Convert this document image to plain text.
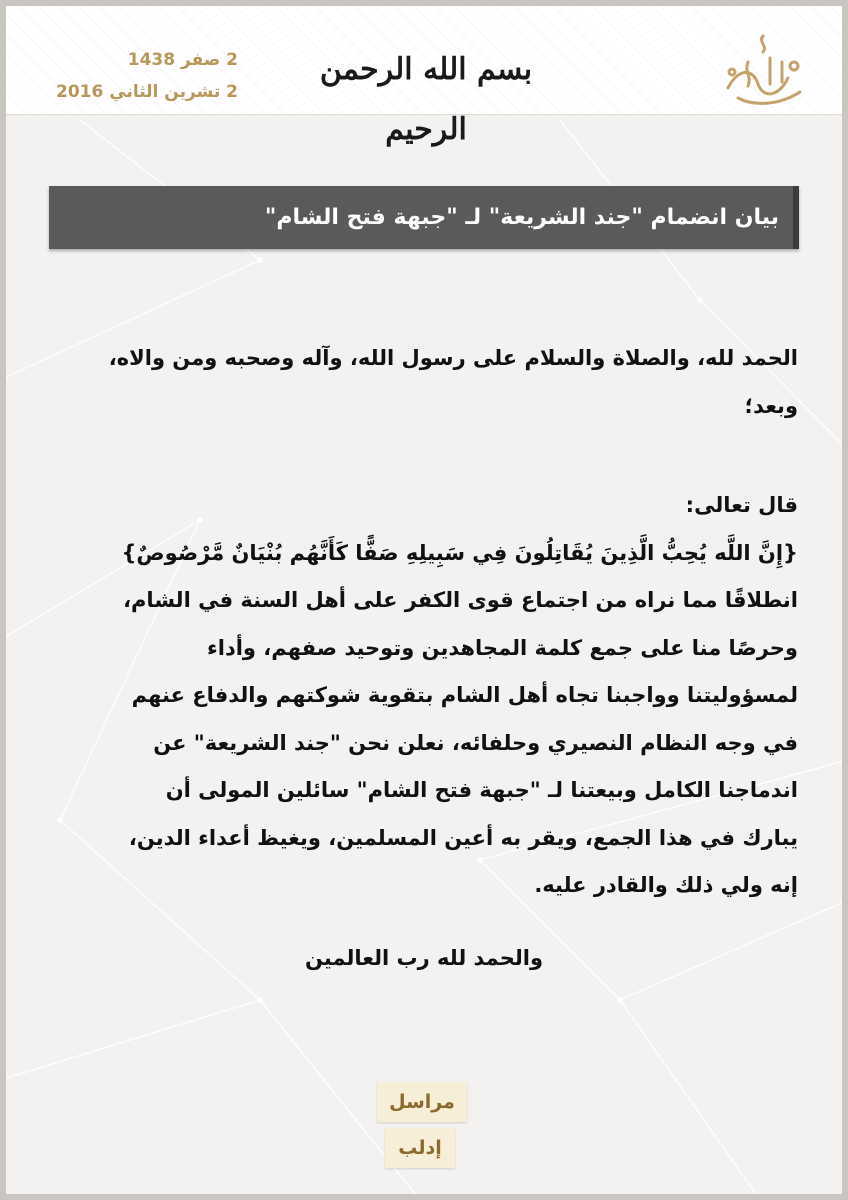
2 صفر 1438
2 تشرين الثاني 2016
بسم الله الرحمن الرحيم
بيان انضمام "جند الشريعة" لـ "جبهة فتح الشام"
الحمد لله، والصلاة والسلام على رسول الله، وآله وصحبه ومن والاه،
وبعد؛
قال تعالى:
{إِنَّ اللَّه يُحِبُّ الَّذِينَ يُقَاتِلُونَ فِي سَبِيلِهِ صَفًّا كَأَنَّهُم بُنْيَانٌ مَّرْصُوصٌ}
انطلاقًا مما نراه من اجتماع قوى الكفر على أهل السنة في الشام،
وحرصًا منا على جمع كلمة المجاهدين وتوحيد صفهم، وأداء
لمسؤوليتنا وواجبنا تجاه أهل الشام بتقوية شوكتهم والدفاع عنهم
في وجه النظام النصيري وحلفائه، نعلن نحن "جند الشريعة" عن
اندماجنا الكامل وبيعتنا لـ "جبهة فتح الشام" سائلين المولى أن
يبارك في هذا الجمع، ويقر به أعين المسلمين، ويغيظ أعداء الدين،
إنه ولي ذلك والقادر عليه.
والحمد لله رب العالمين
مراسل
إدلب
